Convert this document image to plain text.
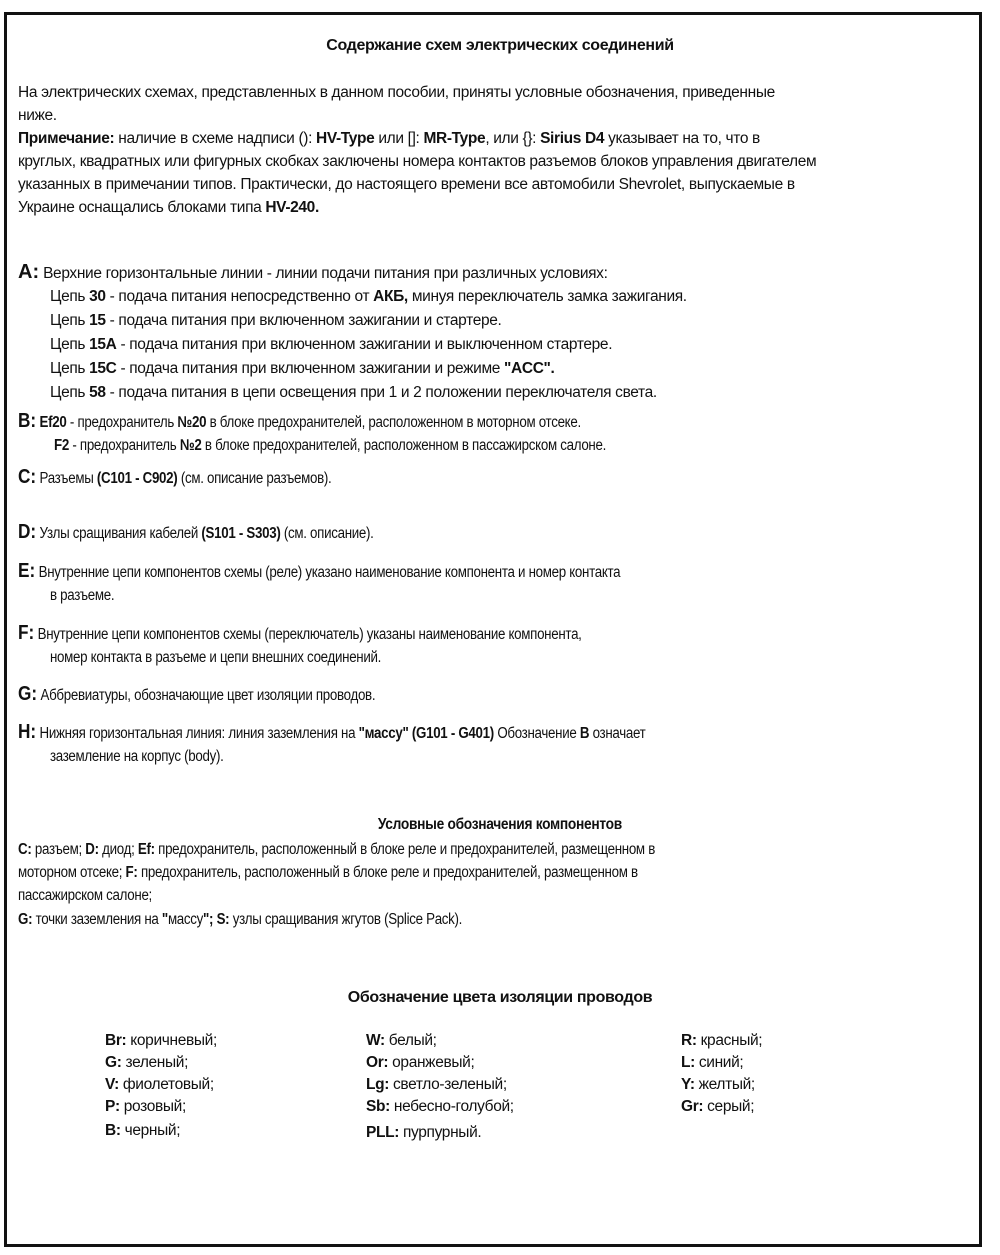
Содержание схем электрических соединений
На электрических схемах, представленных в данном пособии, приняты условные обозначения, приведенные
ниже.
Примечание: наличие в схеме надписи (): HV-Type или []: MR-Type, или {}: Sirius D4 указывает на то, что в
круглых, квадратных или фигурных скобках заключены номера контактов разъемов блоков управления двигателем
указанных в примечании типов. Практически, до настоящего времени все автомобили Shevrolet, выпускаемые в
Украине оснащались блоками типа HV-240.
A: Верхние горизонтальные линии - линии подачи питания при различных условиях:
Цепь 30 - подача питания непосредственно от АКБ, минуя переключатель замка зажигания.
Цепь 15 - подача питания при включенном зажигании и стартере.
Цепь 15A - подача питания при включенном зажигании и выключенном стартере.
Цепь 15C - подача питания при включенном зажигании и режиме "ACC".
Цепь 58 - подача питания в цепи освещения при 1 и 2 положении переключателя света.
B: Ef20 - предохранитель №20 в блоке предохранителей, расположенном в моторном отсеке.
F2 - предохранитель №2 в блоке предохранителей, расположенном в пассажирском салоне.
C: Разъемы (C101 - C902) (см. описание разъемов).
D: Узлы сращивания кабелей (S101 - S303) (см. описание).
E: Внутренние цепи компонентов схемы (реле) указано наименование компонента и номер контакта
в разъеме.
F: Внутренние цепи компонентов схемы (переключатель) указаны наименование компонента,
номер контакта в разъеме и цепи внешних соединений.
G: Аббревиатуры, обозначающие цвет изоляции проводов.
H: Нижняя горизонтальная линия: линия заземления на "массу" (G101 - G401) Обозначение B означает
заземление на корпус (body).
Условные обозначения компонентов
C: разъем; D: диод; Ef: предохранитель, расположенный в блоке реле и предохранителей, размещенном в
моторном отсеке; F: предохранитель, расположенный в блоке реле и предохранителей, размещенном в
пассажирском салоне;
G: точки заземления на "массу"; S: узлы сращивания жгутов (Splice Pack).
Обозначение цвета изоляции проводов
Br: коричневый;
G: зеленый;
V: фиолетовый;
P: розовый;
B: черный;
W: белый;
Or: оранжевый;
Lg: светло-зеленый;
Sb: небесно-голубой;
PLL: пурпурный.
R: красный;
L: синий;
Y: желтый;
Gr: серый;
